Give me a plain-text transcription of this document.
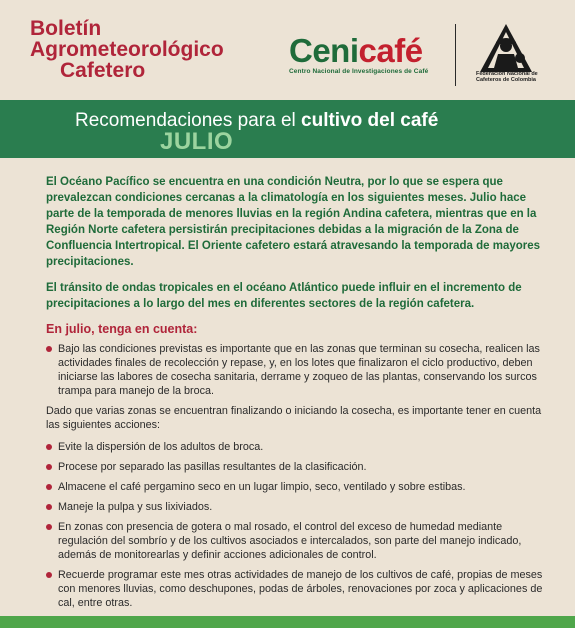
Boletín
Agrometeorológico
Cafetero
Cenicafé
Centro Nacional de Investigaciones de Café	Federación Nacional de
Cafeteros de Colombia
Recomendaciones para el cultivo del café
JULIO

El Océano Pacífico se encuentra en una condición Neutra, por lo que se espera que prevalezcan condiciones cercanas a la climatología en los siguientes meses. Julio hace parte de la temporada de menores lluvias en la región Andina cafetera, mientras que en la Región Norte cafetera persistirán precipitaciones debidas a la migración de la Zona de Confluencia Intertropical. El Oriente cafetero estará atravesando la temporada de mayores precipitaciones.

El tránsito de ondas tropicales en el océano Atlántico puede influir en el incremento de precipitaciones a lo largo del mes en diferentes sectores de la región cafetera.

En julio, tenga en cuenta:
Bajo las condiciones previstas es importante que en las zonas que terminan su cosecha, realicen las actividades finales de recolección y repase, y, en los lotes que finalizaron el ciclo productivo, deben iniciarse las labores de cosecha sanitaria, derrame y zoqueo de las plantas, conservando los surcos trampa para manejo de la broca.

Dado que varias zonas se encuentran finalizando o iniciando la cosecha, es importante tener en cuenta las siguientes acciones:

Evite la dispersión de los adultos de broca.
Procese por separado las pasillas resultantes de la clasificación.
Almacene el café pergamino seco en un lugar limpio, seco, ventilado y sobre estibas.
Maneje la pulpa y sus lixiviados.
En zonas con presencia de gotera o mal rosado, el control del exceso de humedad mediante regulación del sombrío y de los cultivos asociados e intercalados, son parte del manejo indicado, además de monitorearlas y definir acciones adicionales de control.
Recuerde programar este mes otras actividades de manejo de los cultivos de café, propias de meses con menores lluvias, como deschupones, podas de árboles, renovaciones por zoca y aplicaciones de cal, entre otras.
